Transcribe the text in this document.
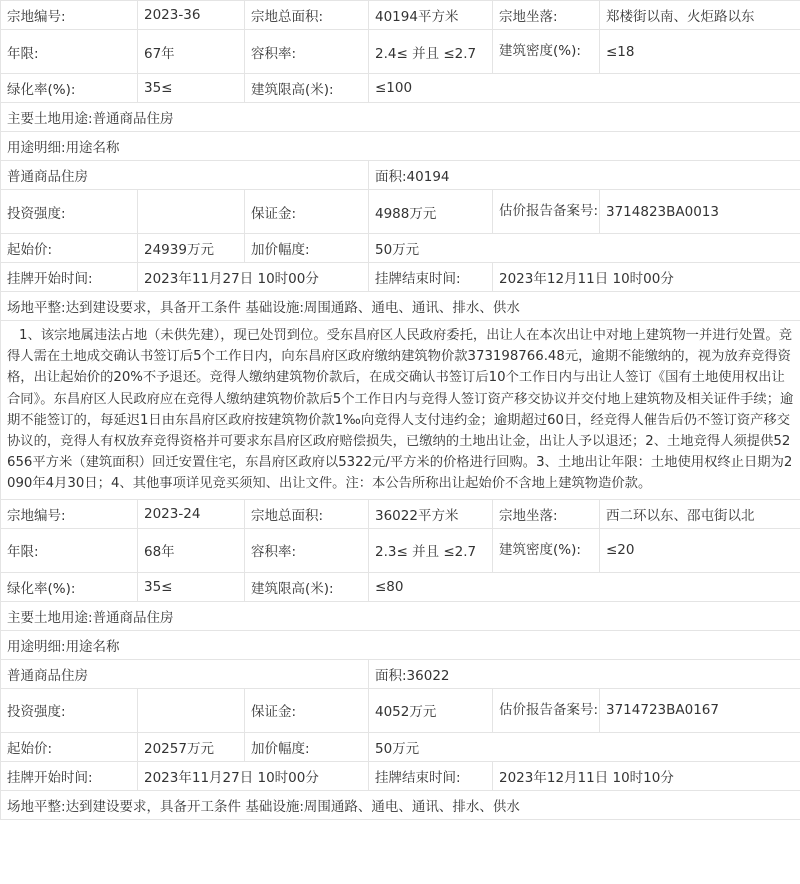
宗地编号:	2023-36	宗地总面积:	40194平方米	宗地坐落:	郑楼街以南、火炬路以东
年限:	67年	容积率:	2.4≤ 并且 ≤2.7	建筑密度(%):	≤18
绿化率(%):	35≤	建筑限高(米):	≤100		
主要土地用途:普通商品住房					
用途明细:用途名称					
普通商品住房			面积:40194		
投资强度:		保证金:	4988万元	估价报告备案号:	3714823BA0013
起始价:	24939万元	加价幅度:	50万元		
挂牌开始时间:	2023年11月27日 10时00分		挂牌结束时间:	2023年12月11日 10时00分	
场地平整:达到建设要求，具备开工条件 基础设施:周围通路、通电、通讯、排水、供水					
1、该宗地属违法占地（未供先建），现已处罚到位。受东昌府区人民政府委托，出让人在本次出让中对地上建筑物一并进行处置。竞得人需在土地成交确认书签订后5个工作日内，向东昌府区政府缴纳建筑物价款373198766.48元，逾期不能缴纳的，视为放弃竞得资格，出让起始价的20%不予退还。竞得人缴纳建筑物价款后，在成交确认书签订后10个工作日内与出让人签订《国有土地使用权出让合同》。东昌府区人民政府应在竞得人缴纳建筑物价款后5个工作日内与竞得人签订资产移交协议并交付地上建筑物及相关证件手续；逾期不能签订的，每延迟1日由东昌府区政府按建筑物价款1‰向竞得人支付违约金；逾期超过60日，经竞得人催告后仍不签订资产移交协议的，竞得人有权放弃竞得资格并可要求东昌府区政府赔偿损失，已缴纳的土地出让金，出让人予以退还；2、土地竞得人须提供52656平方米（建筑面积）回迁安置住宅，东昌府区政府以5322元/平方米的价格进行回购。3、土地出让年限：土地使用权终止日期为2090年4月30日；4、其他事项详见竞买须知、出让文件。注：本公告所称出让起始价不含地上建筑物造价款。
宗地编号:	2023-24	宗地总面积:	36022平方米	宗地坐落:	西二环以东、邵屯街以北
年限:	68年	容积率:	2.3≤ 并且 ≤2.7	建筑密度(%):	≤20
绿化率(%):	35≤	建筑限高(米):	≤80		
主要土地用途:普通商品住房					
用途明细:用途名称					
普通商品住房			面积:36022		
投资强度:		保证金:	4052万元	估价报告备案号:	3714723BA0167
起始价:	20257万元	加价幅度:	50万元		
挂牌开始时间:	2023年11月27日 10时00分		挂牌结束时间:	2023年12月11日 10时10分	
场地平整:达到建设要求，具备开工条件 基础设施:周围通路、通电、通讯、排水、供水					
